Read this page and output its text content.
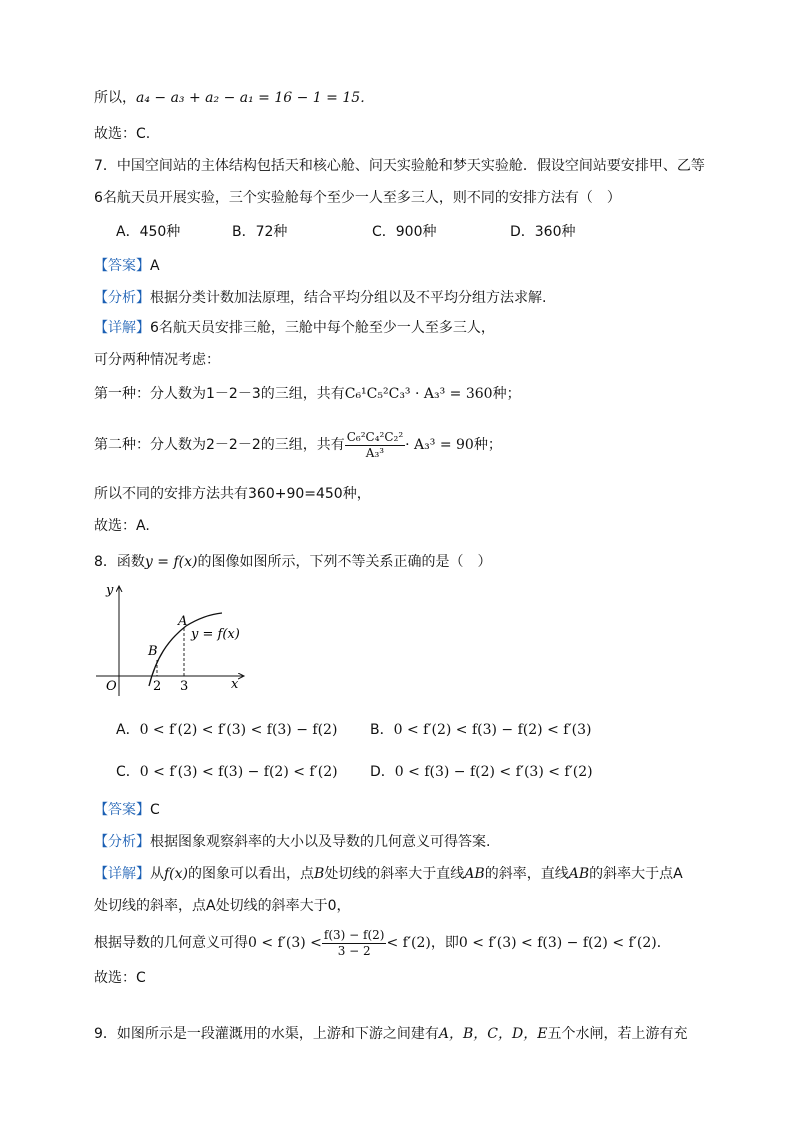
所以，a₄ − a₃ + a₂ − a₁ = 16 − 1 = 15．
故选：C.
7．中国空间站的主体结构包括天和核心舱、问天实验舱和梦天实验舱．假设空间站要安排甲、乙等
6名航天员开展实验，三个实验舱每个至少一人至多三人，则不同的安排方法有（　）
A．450种	B．72种	C．900种	D．360种
【答案】A
【分析】根据分类计数加法原理，结合平均分组以及不平均分组方法求解.
【详解】6名航天员安排三舱，三舱中每个舱至少一人至多三人，
可分两种情况考虑：
第一种：分人数为1－2－3的三组，共有C₆¹C₅²C₃³ · A₃³ = 360种；
第二种：分人数为2－2－2的三组，共有 $\frac{\text{C₆²C₄²C₂²}}{\text{A₃³}} \cdot A_3^3 = 90$种；
所以不同的安排方法共有360+90=450种，
故选：A.
8．函数y = f(x)的图像如图所示，下列不等关系正确的是（　）
y
x
O
A
B
y = f(x)
2 3
A．0 < f′(2) < f′(3) < f(3) − f(2) B．0 < f′(2) < f(3) − f(2) < f′(3)
C．0 < f′(3) < f(3) − f(2) < f′(2) D．0 < f(3) − f(2) < f′(3) < f′(2)
【答案】C
【分析】根据图象观察斜率的大小以及导数的几何意义可得答案.
【详解】从f(x)的图象可以看出，点B处切线的斜率大于直线AB的斜率，直线AB的斜率大于点A
处切线的斜率，点A处切线的斜率大于0，
根据导数的几何意义可得$0 < f'(3) < \frac{f(3) - f(2)}{3 - 2} < f'(2)$，即0 < f′(3) < f(3) − f(2) < f′(2)．
故选：C
9．如图所示是一段灌溉用的水渠，上游和下游之间建有A，B，C，D，E五个水闸，若上游有充
